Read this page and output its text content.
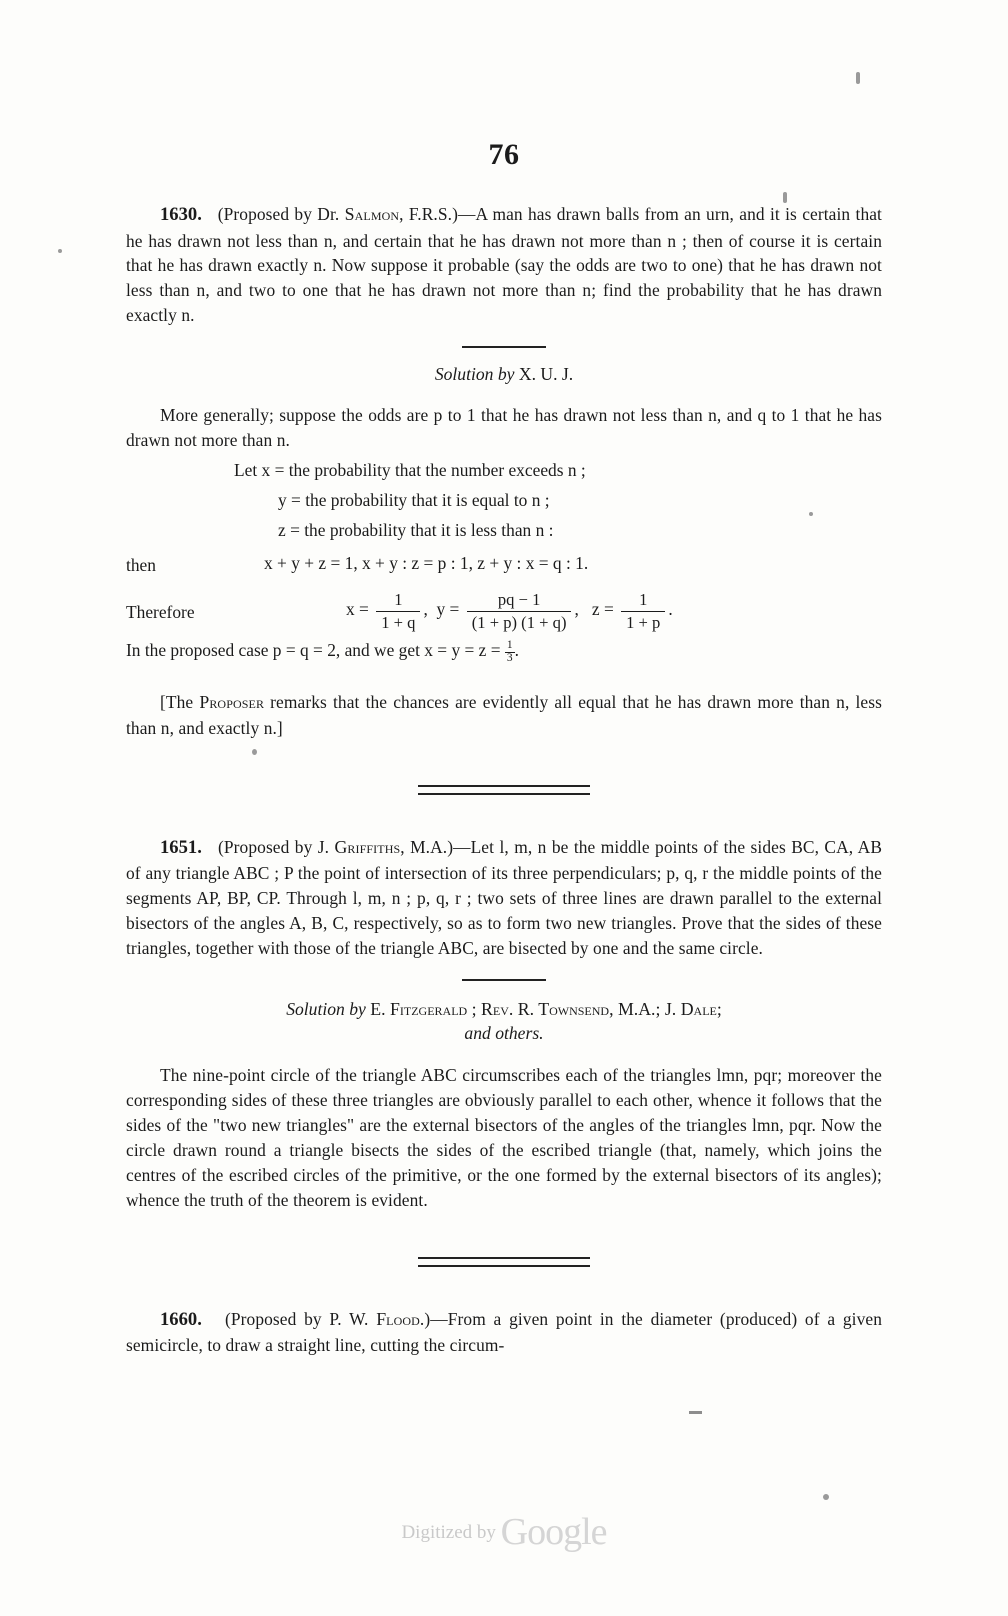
76

1630. (Proposed by Dr. Salmon, F.R.S.)—A man has drawn balls from an urn, and it is certain that he has drawn not less than n, and certain that he has drawn not more than n ; then of course it is certain that he has drawn exactly n. Now suppose it probable (say the odds are two to one) that he has drawn not less than n, and two to one that he has drawn not more than n; find the probability that he has drawn exactly n.

Solution by X. U. J.

More generally; suppose the odds are p to 1 that he has drawn not less than n, and q to 1 that he has drawn not more than n.

Let x = the probability that the number exceeds n ;
y = the probability that it is equal to n ;
z = the probability that it is less than n :
then	x + y + z = 1, x + y : z = p : 1, z + y : x = q : 1.
Therefore	$x = \frac{1}{1 + q}$ ,  $y = \frac{pq - 1}{(1 + p) (1 + q)}$ ,   $z = \frac{1}{1 + p}$ .
In the proposed case p = q = 2, and we get $x = y = z = \frac{1}{3}$ .

[The Proposer remarks that the chances are evidently all equal that he has drawn more than n, less than n, and exactly n.]

1651. (Proposed by J. Griffiths, M.A.)—Let l, m, n be the middle points of the sides BC, CA, AB of any triangle ABC ; P the point of intersection of its three perpendiculars; p, q, r the middle points of the segments AP, BP, CP. Through l, m, n ; p, q, r ; two sets of three lines are drawn parallel to the external bisectors of the angles A, B, C, respectively, so as to form two new triangles. Prove that the sides of these triangles, together with those of the triangle ABC, are bisected by one and the same circle.

Solution by E. Fitzgerald ; Rev. R. Townsend, M.A.; J. Dale;
and others.

The nine-point circle of the triangle ABC circumscribes each of the triangles lmn, pqr; moreover the corresponding sides of these three triangles are obviously parallel to each other, whence it follows that the sides of the "two new triangles" are the external bisectors of the angles of the triangles lmn, pqr. Now the circle drawn round a triangle bisects the sides of the escribed triangle (that, namely, which joins the centres of the escribed circles of the primitive, or the one formed by the external bisectors of its angles); whence the truth of the theorem is evident.

1660. (Proposed by P. W. Flood.)—From a given point in the diameter (produced) of a given semicircle, to draw a straight line, cutting the circum-

Digitized by Google
